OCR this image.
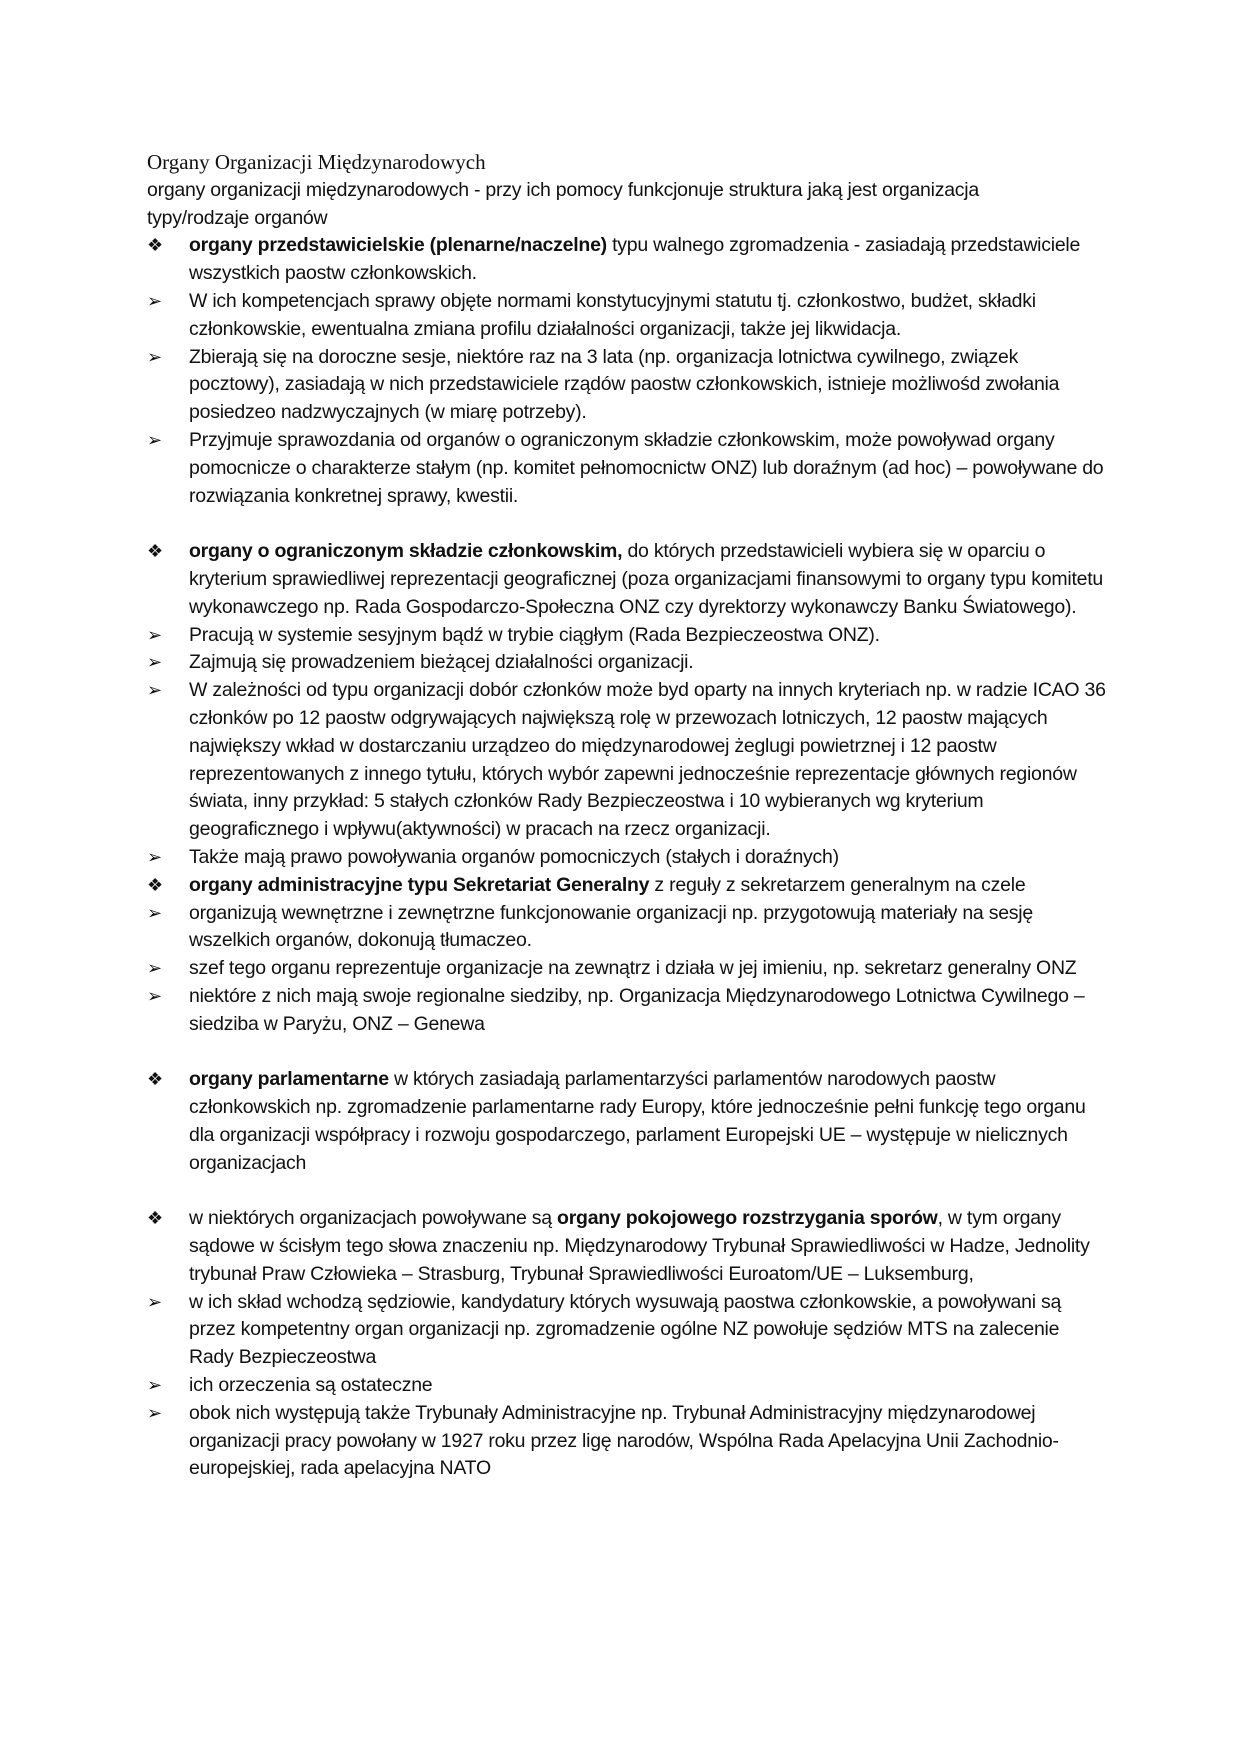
Organy Organizacji Międzynarodowych
organy organizacji międzynarodowych - przy ich pomocy funkcjonuje struktura jaką jest organizacja
typy/rodzaje organów
❖ organy przedstawicielskie (plenarne/naczelne) typu walnego zgromadzenia - zasiadają przedstawiciele wszystkich paostw członkowskich.
➢ W ich kompetencjach sprawy objęte normami konstytucyjnymi statutu tj. członkostwo, budżet, składki członkowskie, ewentualna zmiana profilu działalności organizacji, także jej likwidacja.
➢ Zbierają się na doroczne sesje, niektóre raz na 3 lata (np. organizacja lotnictwa cywilnego, związek pocztowy), zasiadają w nich przedstawiciele rządów paostw członkowskich, istnieje możliwośd zwołania posiedzeo nadzwyczajnych (w miarę potrzeby).
➢ Przyjmuje sprawozdania od organów o ograniczonym składzie członkowskim, może powoływad organy pomocnicze o charakterze stałym (np. komitet pełnomocnictw ONZ) lub doraźnym (ad hoc) – powoływane do rozwiązania konkretnej sprawy, kwestii.
❖ organy o ograniczonym składzie członkowskim, do których przedstawicieli wybiera się w oparciu o kryterium sprawiedliwej reprezentacji geograficznej (poza organizacjami finansowymi to organy typu komitetu wykonawczego np. Rada Gospodarczo-Społeczna ONZ czy dyrektorzy wykonawczy Banku Światowego).
➢ Pracują w systemie sesyjnym bądź w trybie ciągłym (Rada Bezpieczeostwa ONZ).
➢ Zajmują się prowadzeniem bieżącej działalności organizacji.
➢ W zależności od typu organizacji dobór członków może byd oparty na innych kryteriach np. w radzie ICAO 36 członków po 12 paostw odgrywających największą rolę w przewozach lotniczych, 12 paostw mających największy wkład w dostarczaniu urządzeo do międzynarodowej żeglugi powietrznej i 12 paostw reprezentowanych z innego tytułu, których wybór zapewni jednocześnie reprezentacje głównych regionów świata, inny przykład: 5 stałych członków Rady Bezpieczeostwa i 10 wybieranych wg kryterium geograficznego i wpływu(aktywności) w pracach na rzecz organizacji.
➢ Także mają prawo powoływania organów pomocniczych (stałych i doraźnych)
❖ organy administracyjne typu Sekretariat Generalny z reguły z sekretarzem generalnym na czele
➢ organizują wewnętrzne i zewnętrzne funkcjonowanie organizacji np. przygotowują materiały na sesję wszelkich organów, dokonują tłumaczeo.
➢ szef tego organu reprezentuje organizacje na zewnątrz i działa w jej imieniu, np. sekretarz generalny ONZ
➢ niektóre z nich mają swoje regionalne siedziby, np. Organizacja Międzynarodowego Lotnictwa Cywilnego – siedziba w Paryżu, ONZ – Genewa
❖ organy parlamentarne w których zasiadają parlamentarzyści parlamentów narodowych paostw członkowskich np. zgromadzenie parlamentarne rady Europy, które jednocześnie pełni funkcję tego organu dla organizacji współpracy i rozwoju gospodarczego, parlament Europejski UE – występuje w nielicznych organizacjach
❖ w niektórych organizacjach powoływane są organy pokojowego rozstrzygania sporów, w tym organy sądowe w ścisłym tego słowa znaczeniu np. Międzynarodowy Trybunał Sprawiedliwości w Hadze, Jednolity trybunał Praw Człowieka – Strasburg, Trybunał Sprawiedliwości Euroatom/UE – Luksemburg,
➢ w ich skład wchodzą sędziowie, kandydatury których wysuwają paostwa członkowskie, a powoływani są przez kompetentny organ organizacji np. zgromadzenie ogólne NZ powołuje sędziów MTS na zalecenie Rady Bezpieczeostwa
➢ ich orzeczenia są ostateczne
➢ obok nich występują także Trybunały Administracyjne np. Trybunał Administracyjny międzynarodowej organizacji pracy powołany w 1927 roku przez ligę narodów, Wspólna Rada Apelacyjna Unii Zachodnio-europejskiej, rada apelacyjna NATO
